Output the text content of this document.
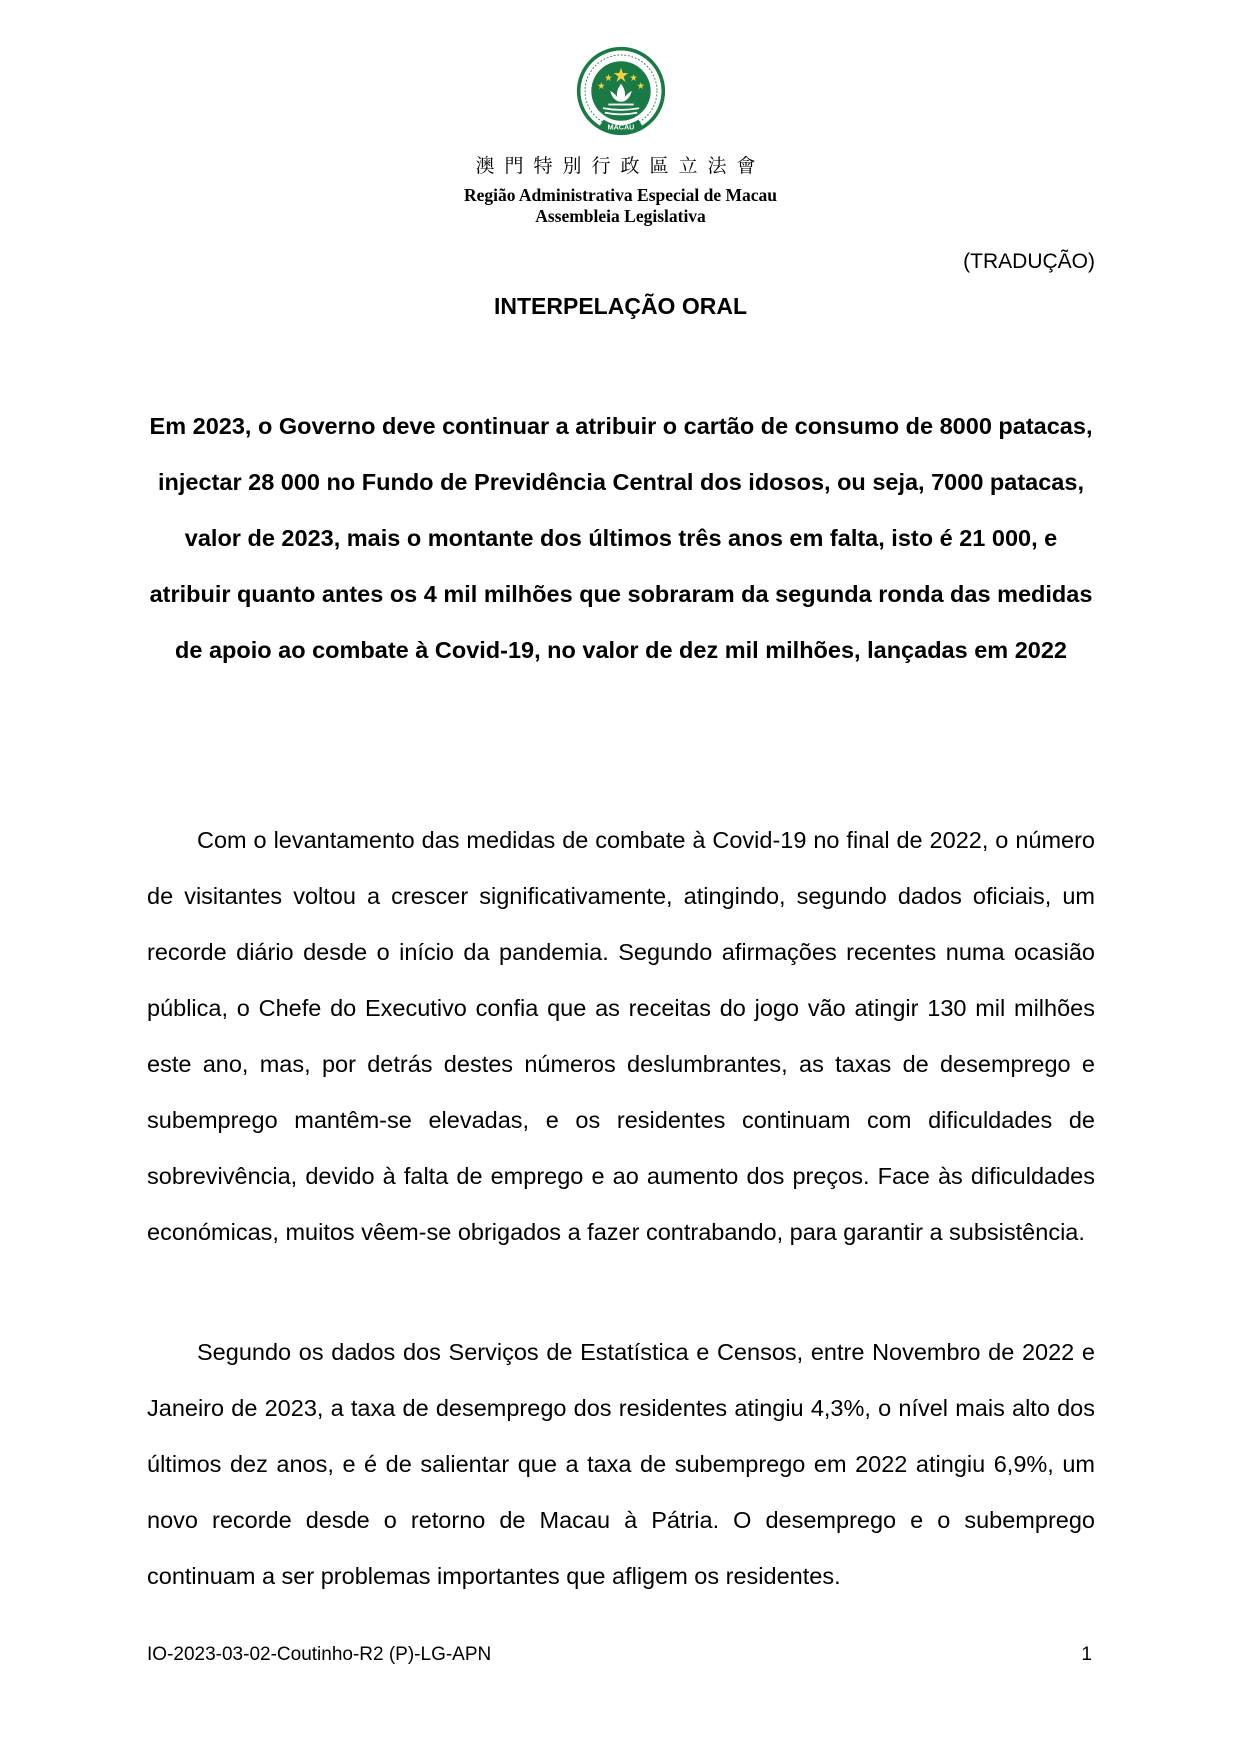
MACAU
澳門特別行政區立法會
Região Administrativa Especial de Macau
Assembleia Legislativa
(TRADUÇÃO)
INTERPELAÇÃO ORAL

Em 2023, o Governo deve continuar a atribuir o cartão de consumo de 8000 patacas, injectar 28 000 no Fundo de Previdência Central dos idosos, ou seja, 7000 patacas, valor de 2023, mais o montante dos últimos três anos em falta, isto é 21 000, e atribuir quanto antes os 4 mil milhões que sobraram da segunda ronda das medidas de apoio ao combate à Covid-19, no valor de dez mil milhões, lançadas em 2022

Com o levantamento das medidas de combate à Covid-19 no final de 2022, o número de visitantes voltou a crescer significativamente, atingindo, segundo dados oficiais, um recorde diário desde o início da pandemia. Segundo afirmações recentes numa ocasião pública, o Chefe do Executivo confia que as receitas do jogo vão atingir 130 mil milhões este ano, mas, por detrás destes números deslumbrantes, as taxas de desemprego e subemprego mantêm-se elevadas, e os residentes continuam com dificuldades de sobrevivência, devido à falta de emprego e ao aumento dos preços. Face às dificuldades económicas, muitos vêem-se obrigados a fazer contrabando, para garantir a subsistência.

Segundo os dados dos Serviços de Estatística e Censos, entre Novembro de 2022 e Janeiro de 2023, a taxa de desemprego dos residentes atingiu 4,3%, o nível mais alto dos últimos dez anos, e é de salientar que a taxa de subemprego em 2022 atingiu 6,9%, um novo recorde desde o retorno de Macau à Pátria. O desemprego e o subemprego continuam a ser problemas importantes que afligem os residentes.

IO-2023-03-02-Coutinho-R2 (P)-LG-APN	1
